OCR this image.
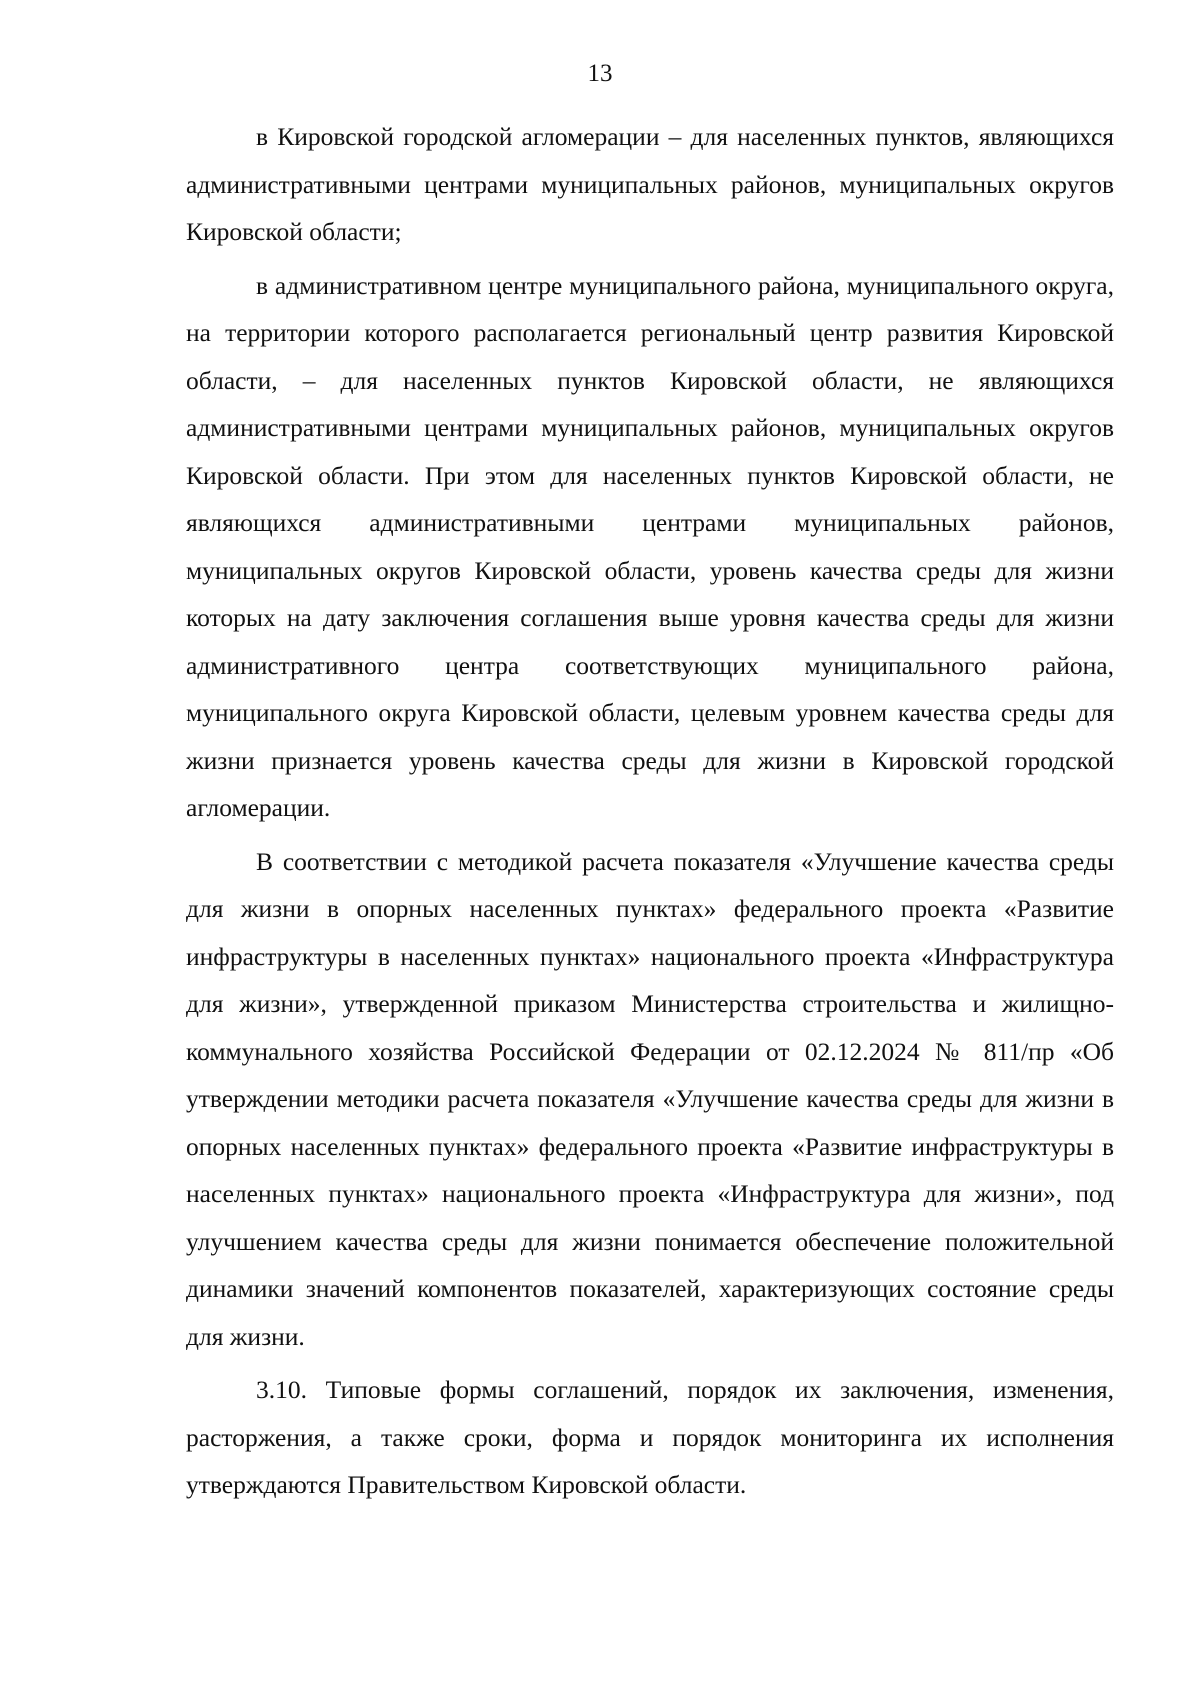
13

в Кировской городской агломерации – для населенных пунктов, являющихся административными центрами муниципальных районов, муниципальных округов Кировской области;

в административном центре муниципального района, муниципального округа, на территории которого располагается региональный центр развития Кировской области, – для населенных пунктов Кировской области, не являющихся административными центрами муниципальных районов, муниципальных округов Кировской области. При этом для населенных пунктов Кировской области, не являющихся административными центрами муниципальных районов, муниципальных округов Кировской области, уровень качества среды для жизни которых на дату заключения соглашения выше уровня качества среды для жизни административного центра соответствующих муниципального района, муниципального округа Кировской области, целевым уровнем качества среды для жизни признается уровень качества среды для жизни в Кировской городской агломерации.

В соответствии с методикой расчета показателя «Улучшение качества среды для жизни в опорных населенных пунктах» федерального проекта «Развитие инфраструктуры в населенных пунктах» национального проекта «Инфраструктура для жизни», утвержденной приказом Министерства строительства и жилищно-коммунального хозяйства Российской Федерации от 02.12.2024 № 811/пр «Об утверждении методики расчета показателя «Улучшение качества среды для жизни в опорных населенных пунктах» федерального проекта «Развитие инфраструктуры в населенных пунктах» национального проекта «Инфраструктура для жизни», под улучшением качества среды для жизни понимается обеспечение положительной динамики значений компонентов показателей, характеризующих состояние среды для жизни.

3.10. Типовые формы соглашений, порядок их заключения, изменения, расторжения, а также сроки, форма и порядок мониторинга их исполнения утверждаются Правительством Кировской области.
